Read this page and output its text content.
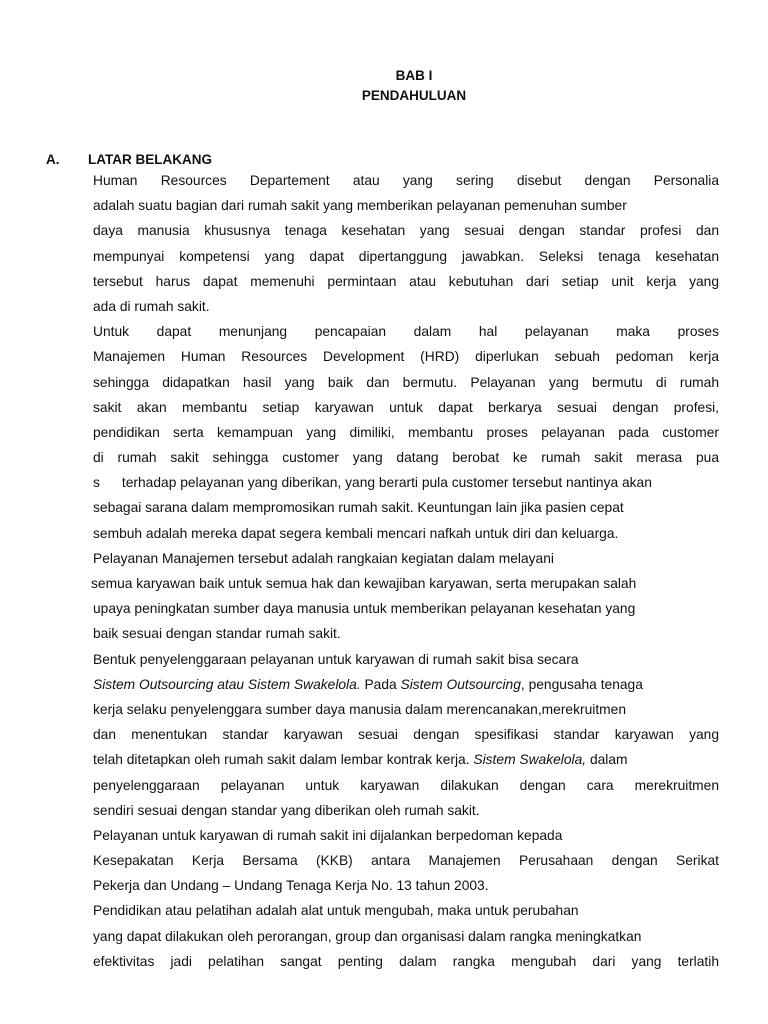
BAB I
PENDAHULUAN
A. LATAR BELAKANG
Human Resources Departement atau yang sering disebut dengan Personalia
adalah suatu bagian dari rumah sakit yang memberikan pelayanan pemenuhan sumber
daya manusia khususnya tenaga kesehatan yang sesuai dengan standar profesi dan
mempunyai kompetensi yang dapat dipertanggung jawabkan. Seleksi tenaga kesehatan
tersebut harus dapat memenuhi permintaan atau kebutuhan dari setiap unit kerja yang
ada di rumah sakit.
Untuk dapat menunjang pencapaian dalam hal pelayanan maka proses
Manajemen Human Resources Development (HRD) diperlukan sebuah pedoman kerja
sehingga didapatkan hasil yang baik dan bermutu. Pelayanan yang bermutu di rumah
sakit akan membantu setiap karyawan untuk dapat berkarya sesuai dengan profesi,
pendidikan serta kemampuan yang dimiliki, membantu proses pelayanan pada customer
di rumah sakit sehingga customer yang datang berobat ke rumah sakit merasa pua
s terhadap pelayanan yang diberikan, yang berarti pula customer tersebut nantinya akan
sebagai sarana dalam mempromosikan rumah sakit. Keuntungan lain jika pasien cepat
sembuh adalah mereka dapat segera kembali mencari nafkah untuk diri dan keluarga.
Pelayanan Manajemen tersebut adalah rangkaian kegiatan dalam melayani
semua karyawan baik untuk semua hak dan kewajiban karyawan, serta merupakan salah
upaya peningkatan sumber daya manusia untuk memberikan pelayanan kesehatan yang
baik sesuai dengan standar rumah sakit.
Bentuk penyelenggaraan pelayanan untuk karyawan di rumah sakit bisa secara
Sistem Outsourcing atau Sistem Swakelola. Pada Sistem Outsourcing, pengusaha tenaga
kerja selaku penyelenggara sumber daya manusia dalam merencanakan,merekruitmen
dan menentukan standar karyawan sesuai dengan spesifikasi standar karyawan yang
telah ditetapkan oleh rumah sakit dalam lembar kontrak kerja. Sistem Swakelola, dalam
penyelenggaraan pelayanan untuk karyawan dilakukan dengan cara merekruitmen
sendiri sesuai dengan standar yang diberikan oleh rumah sakit.
Pelayanan untuk karyawan di rumah sakit ini dijalankan berpedoman kepada
Kesepakatan Kerja Bersama (KKB) antara Manajemen Perusahaan dengan Serikat
Pekerja dan Undang – Undang Tenaga Kerja No. 13 tahun 2003.
Pendidikan atau pelatihan adalah alat untuk mengubah, maka untuk perubahan
yang dapat dilakukan oleh perorangan, group dan organisasi dalam rangka meningkatkan
efektivitas jadi pelatihan sangat penting dalam rangka mengubah dari yang terlatih
